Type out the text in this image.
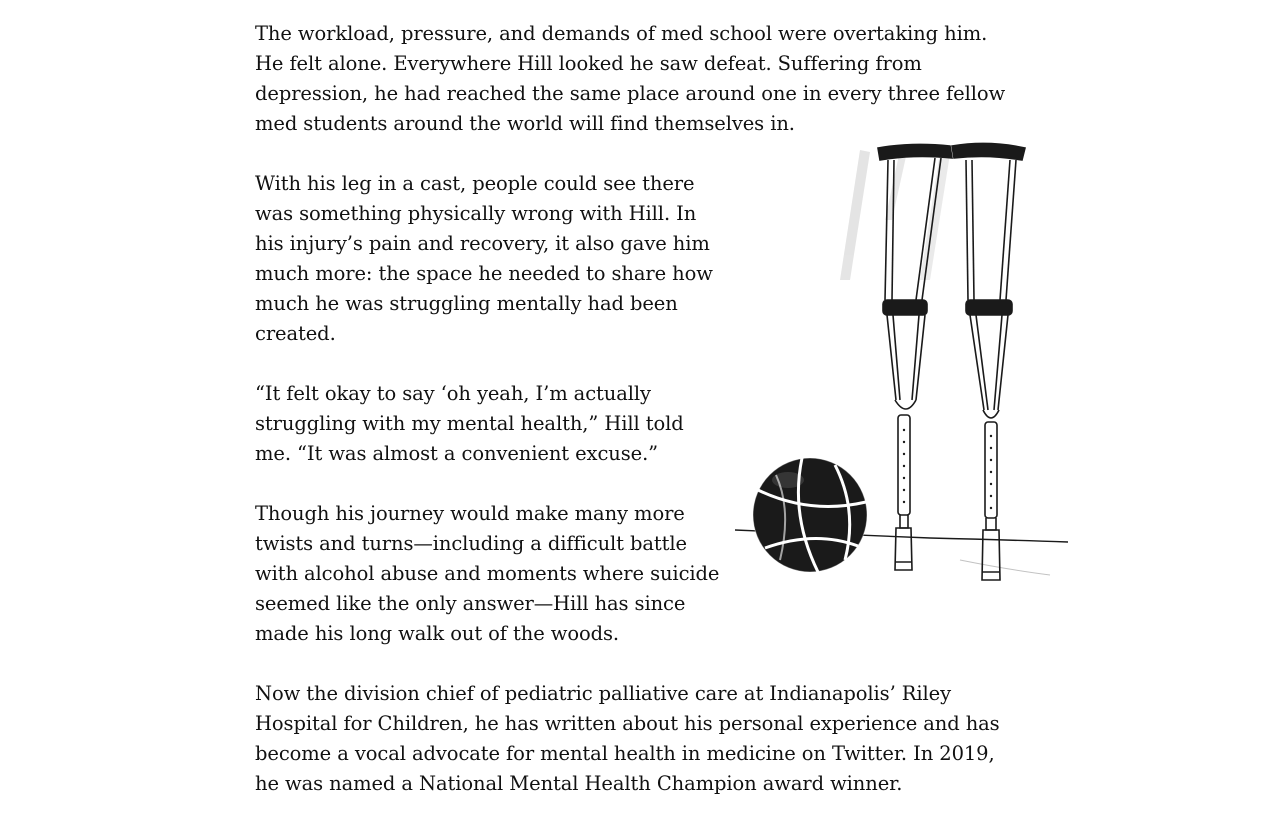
The workload, pressure, and demands of med school were overtaking him. He felt alone. Everywhere Hill looked he saw defeat. Suffering from depression, he had reached the same place around one in every three fellow med students around the world will find themselves in.

With his leg in a cast, people could see there was something physically wrong with Hill. In his injury’s pain and recovery, it also gave him much more: the space he needed to share how much he was struggling mentally had been created.

“It felt okay to say ‘oh yeah, I’m actually struggling with my mental health,” Hill told me. “It was almost a convenient excuse.”

Though his journey would make many more twists and turns—including a difficult battle with alcohol abuse and moments where suicide seemed like the only answer—Hill has since made his long walk out of the woods.

Now the division chief of pediatric palliative care at Indianapolis’ Riley Hospital for Children, he has written about his personal experience and has become a vocal advocate for mental health in medicine on Twitter. In 2019, he was named a National Mental Health Champion award winner.
